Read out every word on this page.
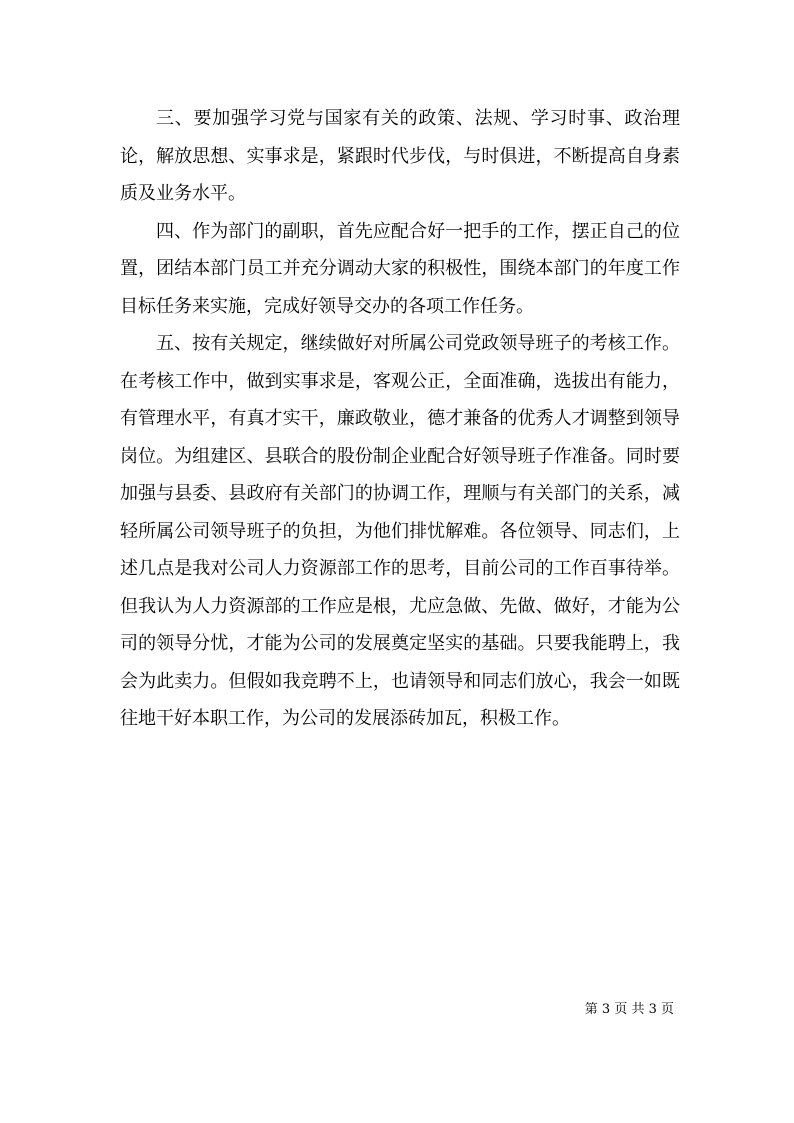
三、要加强学习党与国家有关的政策、法规、学习时事、政治理论，解放思想、实事求是，紧跟时代步伐，与时俱进，不断提高自身素质及业务水平。

四、作为部门的副职，首先应配合好一把手的工作，摆正自己的位置，团结本部门员工并充分调动大家的积极性，围绕本部门的年度工作目标任务来实施，完成好领导交办的各项工作任务。

五、按有关规定，继续做好对所属公司党政领导班子的考核工作。在考核工作中，做到实事求是，客观公正，全面准确，选拔出有能力，有管理水平，有真才实干，廉政敬业，德才兼备的优秀人才调整到领导岗位。为组建区、县联合的股份制企业配合好领导班子作准备。同时要加强与县委、县政府有关部门的协调工作，理顺与有关部门的关系，减轻所属公司领导班子的负担，为他们排忧解难。各位领导、同志们，上述几点是我对公司人力资源部工作的思考，目前公司的工作百事待举。但我认为人力资源部的工作应是根，尤应急做、先做、做好，才能为公司的领导分忧，才能为公司的发展奠定坚实的基础。只要我能聘上，我会为此卖力。但假如我竞聘不上，也请领导和同志们放心，我会一如既往地干好本职工作，为公司的发展添砖加瓦，积极工作。

第 3 页 共 3 页
